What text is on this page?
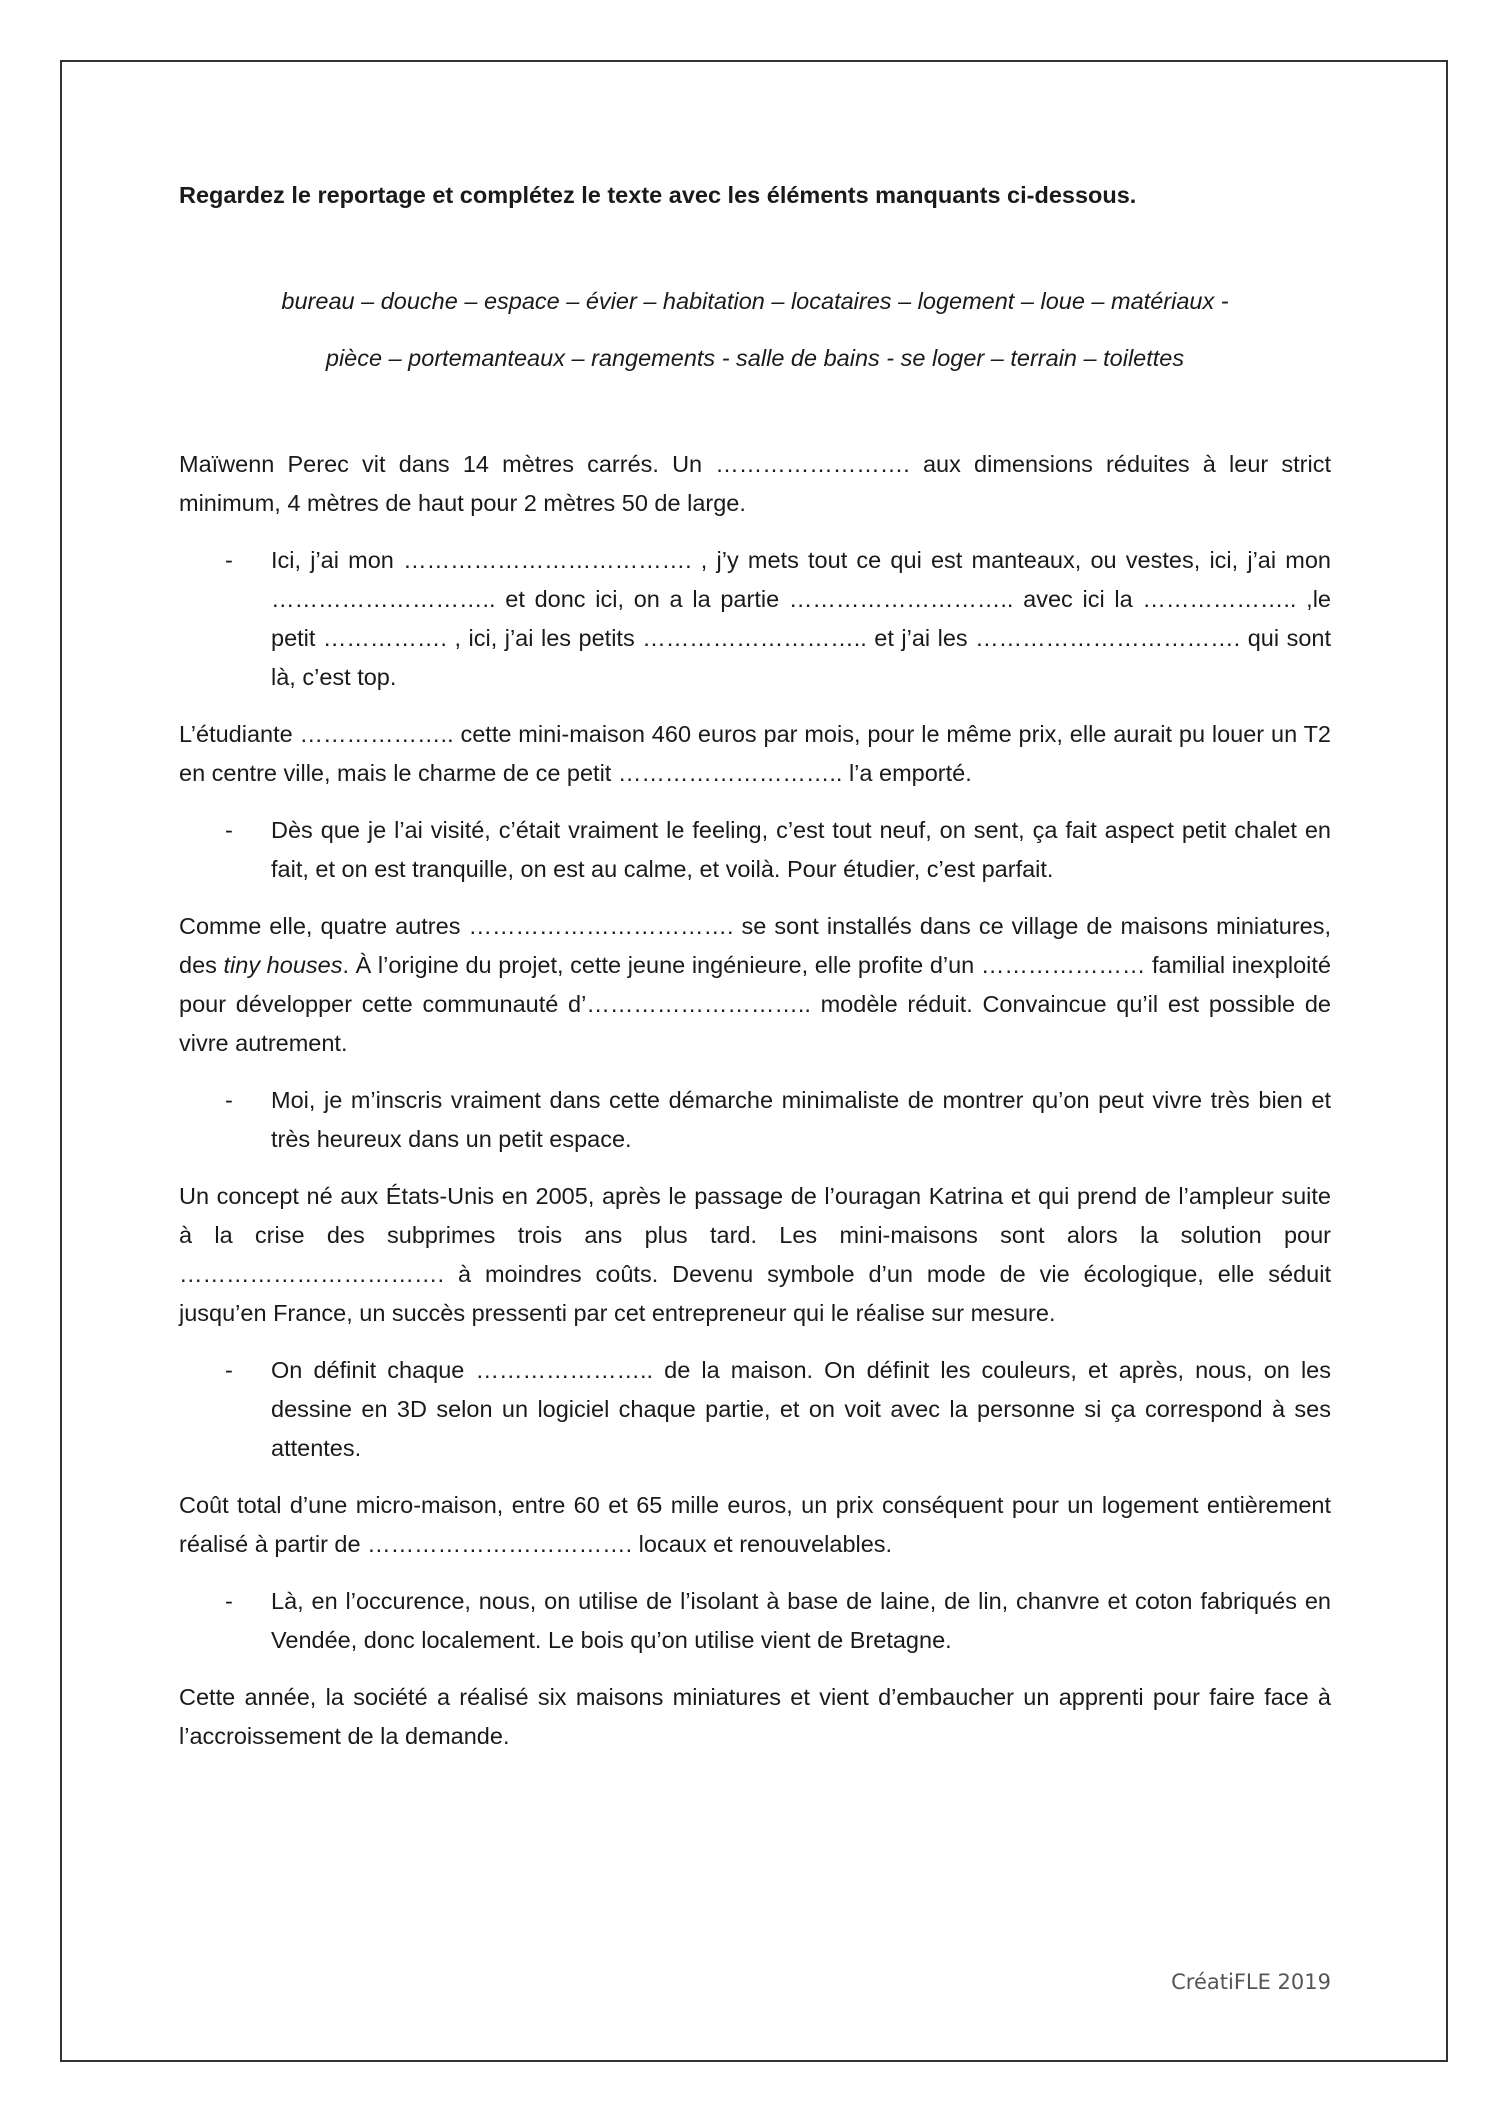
Regardez le reportage et complétez le texte avec les éléments manquants ci-dessous.

bureau – douche – espace – évier – habitation – locataires – logement – loue – matériaux -

pièce – portemanteaux – rangements - salle de bains - se loger – terrain – toilettes

Maïwenn Perec vit dans 14 mètres carrés. Un ……………………. aux dimensions réduites à leur strict minimum, 4 mètres de haut pour 2 mètres 50 de large.

- Ici, j’ai mon ………………………………. , j’y mets tout ce qui est manteaux, ou vestes, ici, j’ai mon ……………………….. et donc ici, on a la partie ……………………….. avec ici la ……………….. ,le petit ……………. , ici, j’ai les petits ……………………….. et j’ai les ……………………………. qui sont là, c’est top.

L’étudiante ……………….. cette mini-maison 460 euros par mois, pour le même prix, elle aurait pu louer un T2 en centre ville, mais le charme de ce petit ……………………….. l’a emporté.

- Dès que je l’ai visité, c’était vraiment le feeling, c’est tout neuf, on sent, ça fait aspect petit chalet en fait, et on est tranquille, on est au calme, et voilà. Pour étudier, c’est parfait.

Comme elle, quatre autres ……………………………. se sont installés dans ce village de maisons miniatures, des tiny houses. À l’origine du projet, cette jeune ingénieure, elle profite d’un ………………… familial inexploité pour développer cette communauté d’……………………….. modèle réduit. Convaincue qu’il est possible de vivre autrement.

- Moi, je m’inscris vraiment dans cette démarche minimaliste de montrer qu’on peut vivre très bien et très heureux dans un petit espace.

Un concept né aux États-Unis en 2005, après le passage de l’ouragan Katrina et qui prend de l’ampleur suite à la crise des subprimes trois ans plus tard. Les mini-maisons sont alors la solution pour ……………………………. à moindres coûts. Devenu symbole d’un mode de vie écologique, elle séduit jusqu’en France, un succès pressenti par cet entrepreneur qui le réalise sur mesure.

- On définit chaque ………………….. de la maison. On définit les couleurs, et après, nous, on les dessine en 3D selon un logiciel chaque partie, et on voit avec la personne si ça correspond à ses attentes.

Coût total d’une micro-maison, entre 60 et 65 mille euros, un prix conséquent pour un logement entièrement réalisé à partir de ……………………………. locaux et renouvelables.

- Là, en l’occurence, nous, on utilise de l’isolant à base de laine, de lin, chanvre et coton fabriqués en Vendée, donc localement. Le bois qu’on utilise vient de Bretagne.

Cette année, la société a réalisé six maisons miniatures et vient d’embaucher un apprenti pour faire face à l’accroissement de la demande.

CréatiFLE 2019
